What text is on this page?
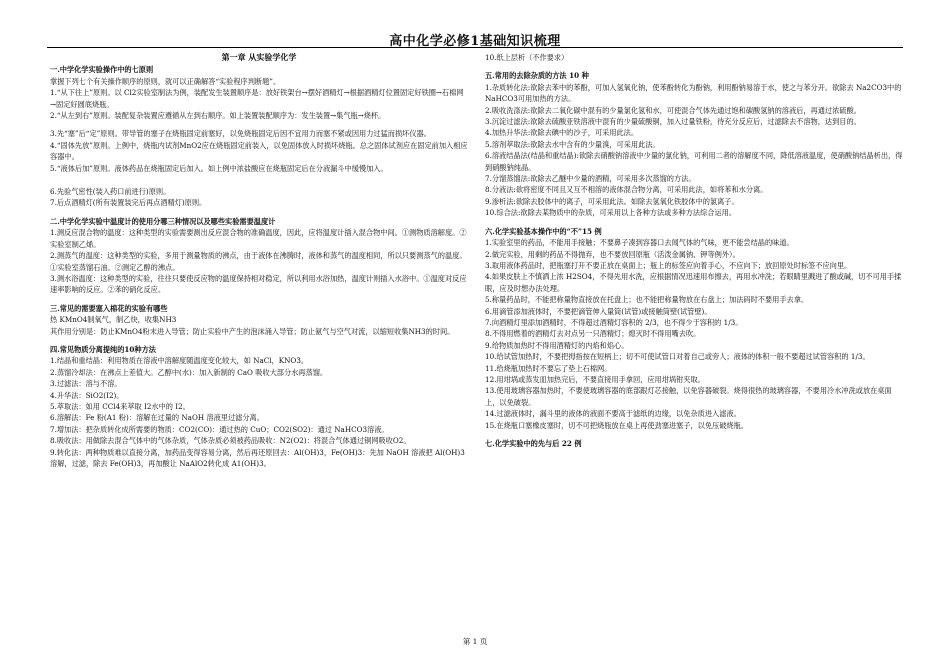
高中化学必修1基础知识梳理
第一章 从实验学化学
一.中学化学实验操作中的七原则

掌握下列七个有关操作顺序的原则，就可以正确解答“实验程序判断题”。

1.“从下往上”原则。以 Cl2实验室制法为例，装配发生装置顺序是：放好铁架台→摆好酒精灯→根据酒精灯位置固定好铁圈→石棉网→固定好圆底烧瓶。

2.“从左到右”原则。装配复杂装置应遵循从左到右顺序。如上装置装配顺序为：发生装置→集气瓶→烧杯。

3.先“塞”后“定”原则。带导管的塞子在烧瓶固定前塞好，以免烧瓶固定后因不宜用力而塞不紧或因用力过猛而损坏仪器。

4.“固体先放”原则。上例中，烧瓶内试剂MnO2应在烧瓶固定前装入，以免固体放入时损坏烧瓶。总之固体试剂应在固定前加入相应容器中。

5.“液体后加”原则。液体药品在烧瓶固定后加入。如上例中浓盐酸应在烧瓶固定后在分液漏斗中缓慢加入。

6.先验气密性(装入药口前进行)原则。

7.后点酒精灯(所有装置装完后再点酒精灯)原则。

二.中学化学实验中温度计的使用分哪三种情况以及哪些实验需要温度计

1.测反应混合物的温度：这种类型的实验需要测出反应混合物的准确温度，因此，应将温度计插入混合物中间。①测物质溶解度。②实验室制乙烯。

2.测蒸气的温度：这种类型的实验，多用于测量物质的沸点，由于液体在沸腾时，液体和蒸气的温度相同，所以只要测蒸气的温度。①实验室蒸馏石油。②测定乙醇的沸点。

3.测水浴温度：这种类型的实验，往往只要使反应物的温度保持相对稳定，所以利用水浴加热，温度计则插入水浴中。①温度对反应速率影响的反应。②苯的硝化反应。

三.常见的需要塞入棉花的实验有哪些

热 KMnO4制氧气，制乙炔，收集NH3

其作用分别是：防止KMnO4粉末进入导管；防止实验中产生的泡沫涌入导管；防止氨气与空气对流，以缩短收集NH3的时间。

四.常见物质分离提纯的10种方法

1.结晶和重结晶：利用物质在溶液中溶解度随温度变化较大，如 NaCl，KNO3。

2.蒸馏冷却法：在沸点上差值大。乙醇中(水)：加入新制的 CaO 吸收大部分水再蒸馏。

3.过滤法：溶与不溶。

4.升华法：SiO2(I2)。

5.萃取法：如用 CCl4来萃取 I2水中的 I2。

6.溶解法：Fe 粉(A1 粉)：溶解在过量的 NaOH 溶液里过滤分离。

7.增加法：把杂质转化成所需要的物质：CO2(CO)：通过热的 CuO；CO2(SO2)：通过 NaHCO3溶液。

8.吸收法：用做除去混合气体中的气体杂质，气体杂质必须被药品吸收：N2(O2)：将混合气体通过铜网吸收O2。

9.转化法：两种物质难以直接分离，加药品变得容易分离，然后再还原回去：Al(OH)3，Fe(OH)3：先加 NaOH 溶液把 Al(OH)3溶解，过滤，除去 Fe(OH)3，再加酸让 NaAlO2转化成 A1(OH)3。

10.纸上层析（不作要求）

五.常用的去除杂质的方法 10 种

1.杂质转化法:欲除去苯中的苯酚，可加入氢氧化钠，使苯酚转化为酚钠，利用酚钠易溶于水，使之与苯分开。欲除去 Na2CO3中的 NaHCO3可用加热的方法。

2.吸收洗涤法:欲除去二氧化碳中混有的少量氯化氢和水，可使混合气体先通过饱和碳酸氢钠的溶液后，再通过浓硫酸。

3.沉淀过滤法:欲除去硫酸亚铁溶液中混有的少量硫酸铜，加入过量铁粉，待充分反应后，过滤除去不溶物，达到目的。

4.加热升华法:欲除去碘中的沙子，可采用此法。

5.溶剂萃取法:欲除去水中含有的少量溴，可采用此法。

6.溶液结晶法(结晶和重结晶):欲除去硝酸钠溶液中少量的氯化钠，可利用二者的溶解度不同，降低溶液温度，使硝酸钠结晶析出，得到硝酸钠纯晶。

7.分馏蒸馏法:欲除去乙醚中少量的酒精，可采用多次蒸馏的方法。

8.分液法:欲将密度不同且又互不相溶的液体混合物分离，可采用此法，如将苯和水分离。

9.渗析法:欲除去胶体中的离子，可采用此法。如除去氢氧化铁胶体中的氯离子。

10.综合法:欲除去某物质中的杂质，可采用以上各种方法或多种方法综合运用。

六.化学实验基本操作中的“不”15 例

1.实验室里的药品，不能用手接触；不要鼻子凑到容器口去闻气体的气味，更不能尝结晶的味道。

2.做完实验，用剩的药品不得抛弃，也不要放回原瓶（活泼金属钠、钾等例外）。

3.取用液体药品时，把瓶塞打开不要正放在桌面上；瓶上的标签应向着手心，不应向下；放回原处时标签不应向里。

4.如果皮肤上不慎洒上浓 H2SO4，不得先用水洗，应根据情况迅速用布擦去，再用水冲洗；若眼睛里溅进了酸或碱，切不可用手揉眼，应及时想办法处理。

5.称量药品时，不能把称量物直接放在托盘上；也不能把称量物放在右盘上；加法码时不要用手去拿。

6.用滴管添加液体时，不要把滴管伸入量筒(试管)或接触筒壁(试管壁)。

7.向酒精灯里添加酒精时，不得超过酒精灯容积的 2/3，也不得少于容积的 1/3。

8.不得用燃着的酒精灯去对点另一只酒精灯；熄灭时不得用嘴去吹。

9.给物质加热时不得用酒精灯的内焰和焰心。

10.给试管加热时，不要把拇指按在短柄上；切不可使试管口对着自己或旁人；液体的体积一般不要超过试管容积的 1/3。

11.给烧瓶加热时不要忘了垫上石棉网。

12.用坩埚或蒸发皿加热完后，不要直接用手拿回，应用坩埚钳夹取。

13.使用玻璃容器加热时，不要使玻璃容器的底部跟灯芯接触，以免容器破裂。烧得很热的玻璃容器，不要用冷水冲洗或放在桌面上，以免破裂。

14.过滤液体时，漏斗里的液体的液面不要高于滤纸的边缘，以免杂质进入滤液。

15.在烧瓶口塞橡皮塞时，切不可把烧瓶放在桌上再使劲塞进塞子，以免压破烧瓶。

七.化学实验中的先与后 22 例
第 1 页
